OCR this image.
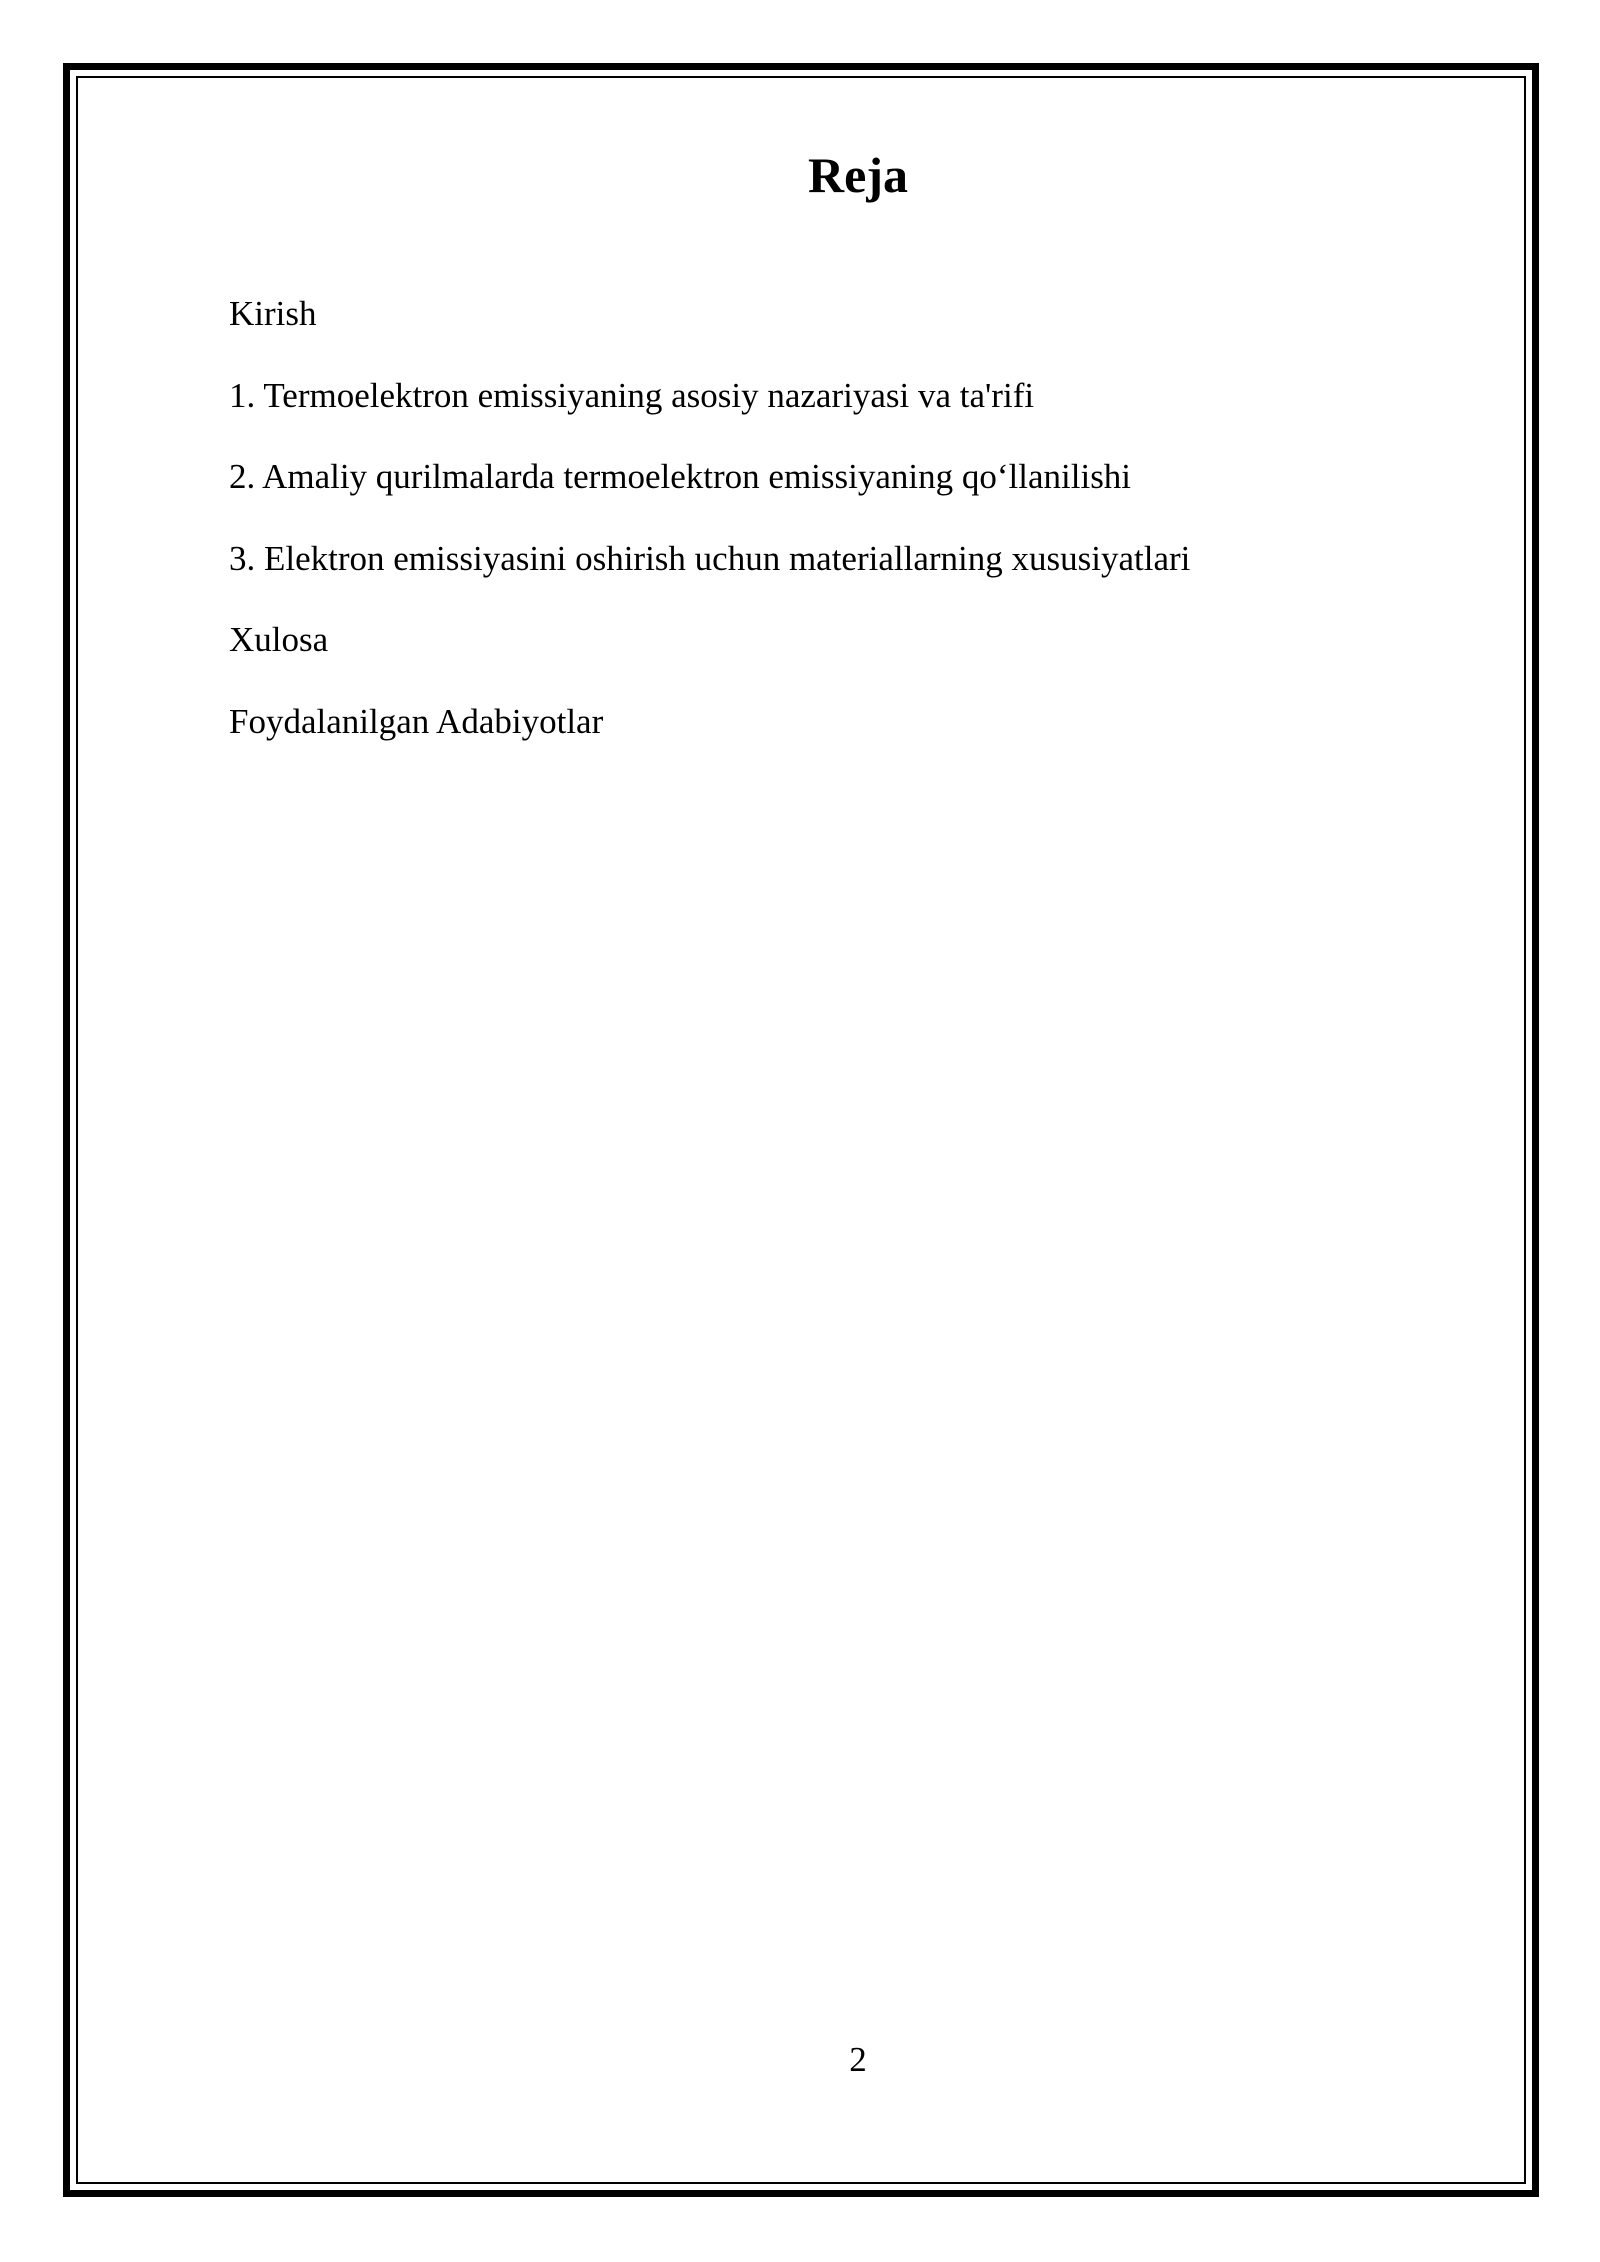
Reja
Kirish
1. Termoelektron emissiyaning asosiy nazariyasi va ta'rifi
2. Amaliy qurilmalarda termoelektron emissiyaning qo‘llanilishi
3. Elektron emissiyasini oshirish uchun materiallarning xususiyatlari
Xulosa
Foydalanilgan Adabiyotlar
2
